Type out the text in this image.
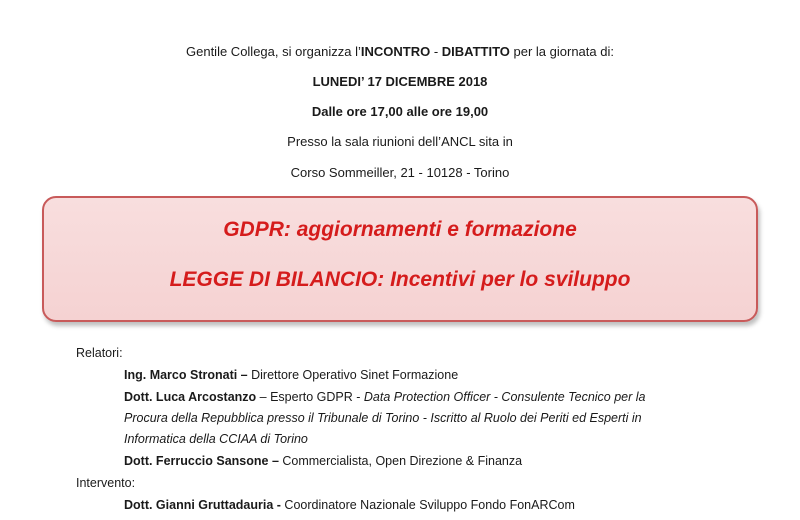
Gentile Collega, si organizza l’INCONTRO - DIBATTITO per la giornata di:
LUNEDI’ 17 DICEMBRE 2018
Dalle ore 17,00 alle ore 19,00
Presso la sala riunioni dell’ANCL sita in
Corso Sommeiller, 21 - 10128 - Torino
GDPR: aggiornamenti e formazione
LEGGE DI BILANCIO: Incentivi per lo sviluppo
Relatori:
Ing. Marco Stronati – Direttore Operativo Sinet Formazione
Dott. Luca Arcostanzo – Esperto GDPR - Data Protection Officer - Consulente Tecnico per la
Procura della Repubblica presso il Tribunale di Torino - Iscritto al Ruolo dei Periti ed Esperti in
Informatica della CCIAA di Torino
Dott. Ferruccio Sansone – Commercialista, Open Direzione & Finanza
Intervento:
Dott. Gianni Gruttadauria - Coordinatore Nazionale Sviluppo Fondo FonARCom
